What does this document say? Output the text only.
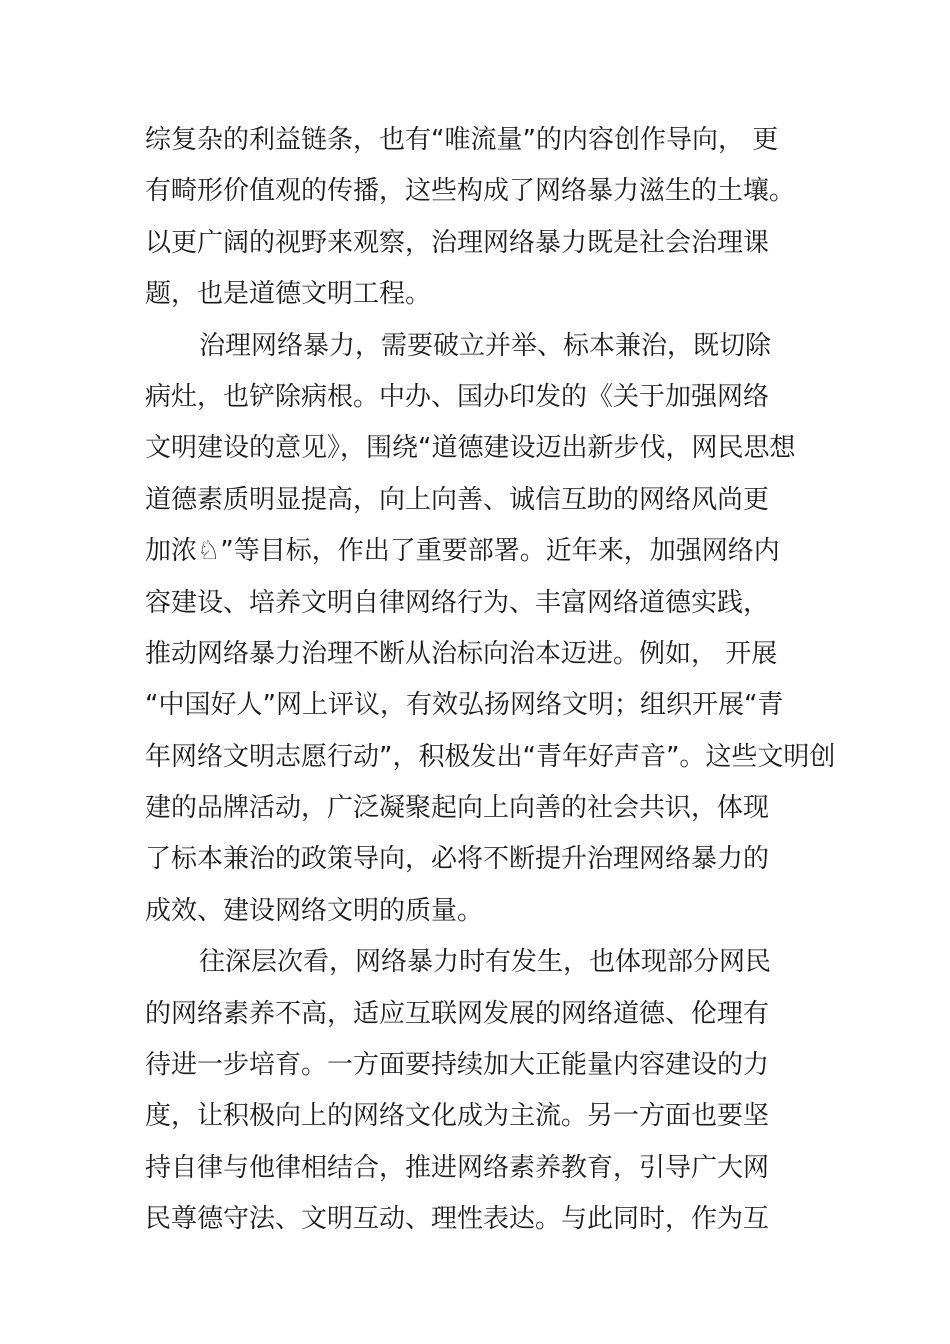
综复杂的利益链条，也有“唯流量”的内容创作导向， 更
有畸形价值观的传播，这些构成了网络暴力滋生的土壤。
以更广阔的视野来观察，治理网络暴力既是社会治理课
题，也是道德文明工程。
治理网络暴力，需要破立并举、标本兼治，既切除
病灶，也铲除病根。中办、国办印发的《关于加强网络
文明建设的意见》，围绕“道德建设迈出新步伐，网民思想
道德素质明显提高，向上向善、诚信互助的网络风尚更
加浓♘”等目标，作出了重要部署。近年来，加强网络内
容建设、培养文明自律网络行为、丰富网络道德实践，
推动网络暴力治理不断从治标向治本迈进。例如， 开展
“中国好人”网上评议，有效弘扬网络文明；组织开展“青
年网络文明志愿行动”，积极发出“青年好声音”。这些文明创
建的品牌活动，广泛凝聚起向上向善的社会共识，体现
了标本兼治的政策导向，必将不断提升治理网络暴力的
成效、建设网络文明的质量。
往深层次看，网络暴力时有发生，也体现部分网民
的网络素养不高，适应互联网发展的网络道德、伦理有
待进一步培育。一方面要持续加大正能量内容建设的力
度，让积极向上的网络文化成为主流。另一方面也要坚
持自律与他律相结合，推进网络素养教育，引导广大网
民尊德守法、文明互动、理性表达。与此同时，作为互
